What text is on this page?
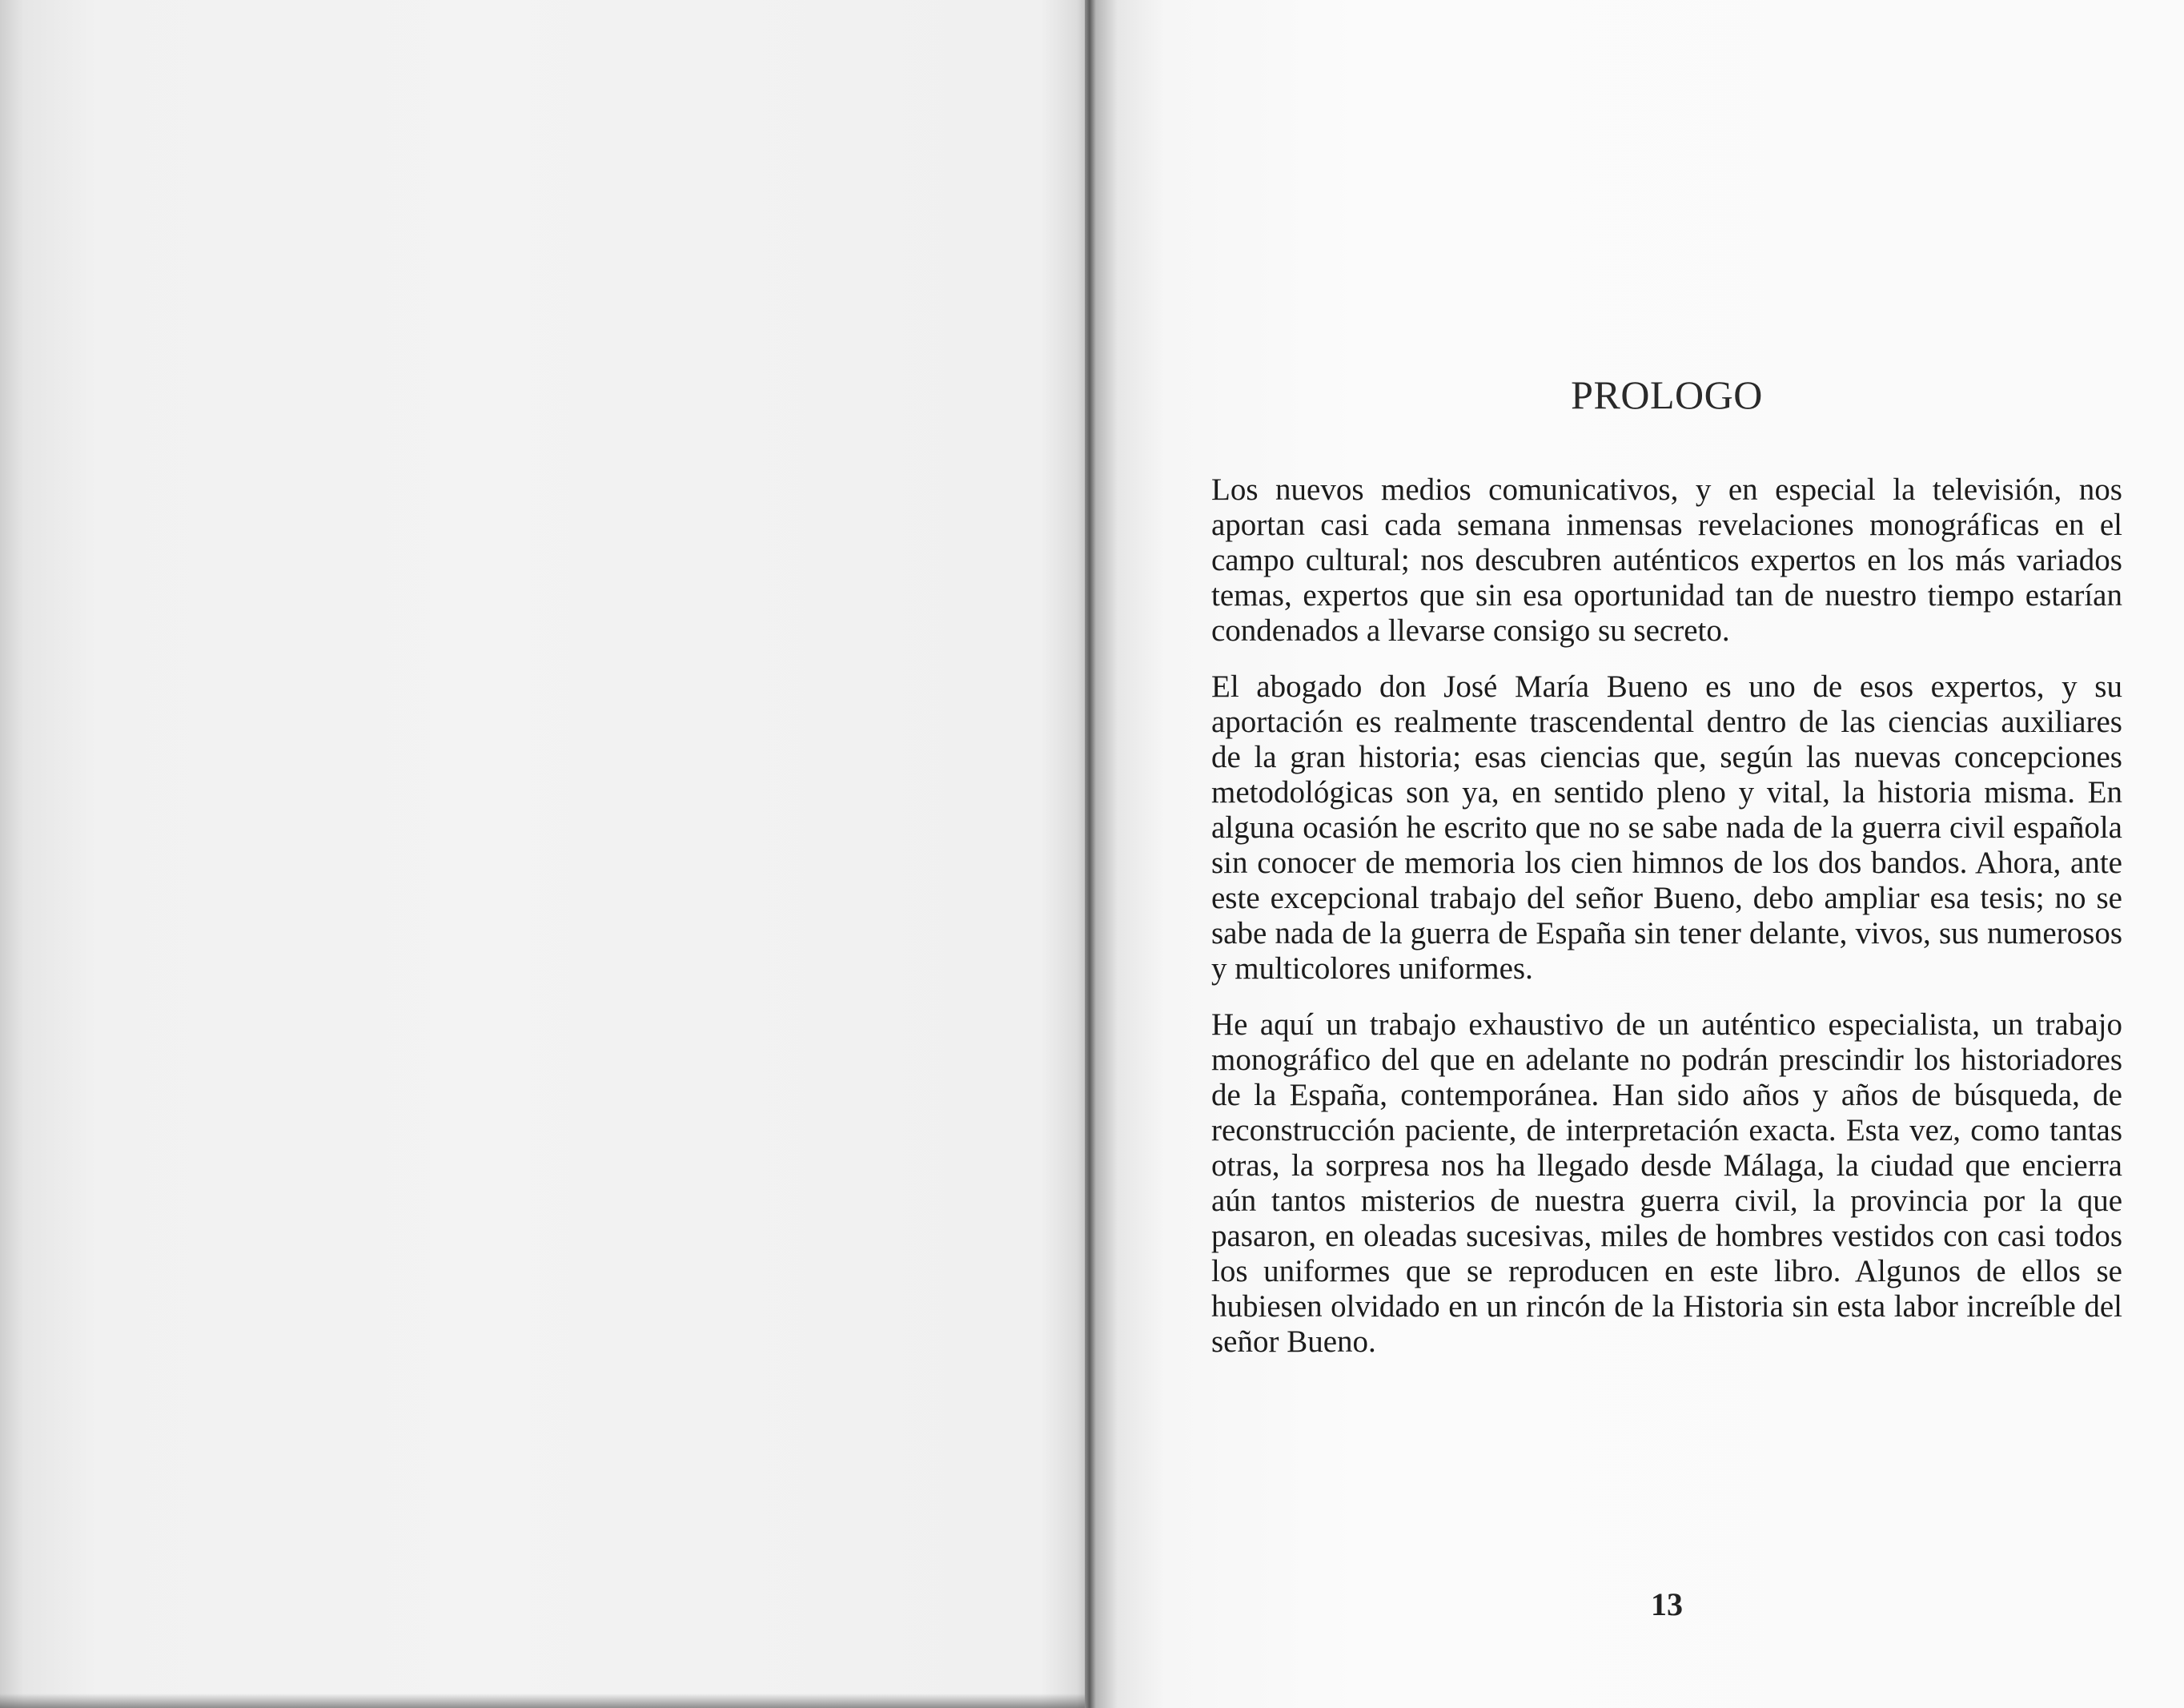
PROLOGO

Los nuevos medios comunicativos, y en especial la televisión, nos aportan casi cada semana inmensas revelaciones monográficas en el campo cultural; nos descubren auténticos expertos en los más variados temas, expertos que sin esa oportunidad tan de nuestro tiempo estarían condenados a llevarse consigo su secreto.

El abogado don José María Bueno es uno de esos expertos, y su aportación es realmente trascendental dentro de las ciencias auxiliares de la gran historia; esas ciencias que, según las nuevas concepciones metodológicas son ya, en sentido pleno y vital, la historia misma. En alguna ocasión he escrito que no se sabe nada de la guerra civil española sin conocer de memoria los cien himnos de los dos bandos. Ahora, ante este excepcional trabajo del señor Bueno, debo ampliar esa tesis; no se sabe nada de la guerra de España sin tener delante, vivos, sus numerosos y multicolores uniformes.

He aquí un trabajo exhaustivo de un auténtico especialista, un trabajo monográfico del que en adelante no podrán prescindir los historiadores de la España, contemporánea. Han sido años y años de búsqueda, de reconstrucción paciente, de interpretación exacta. Esta vez, como tantas otras, la sorpresa nos ha llegado desde Málaga, la ciudad que encierra aún tantos misterios de nuestra guerra civil, la provincia por la que pasaron, en oleadas sucesivas, miles de hombres vestidos con casi todos los uniformes que se reproducen en este libro. Algunos de ellos se hubiesen olvidado en un rincón de la Historia sin esta labor increíble del señor Bueno.

13
